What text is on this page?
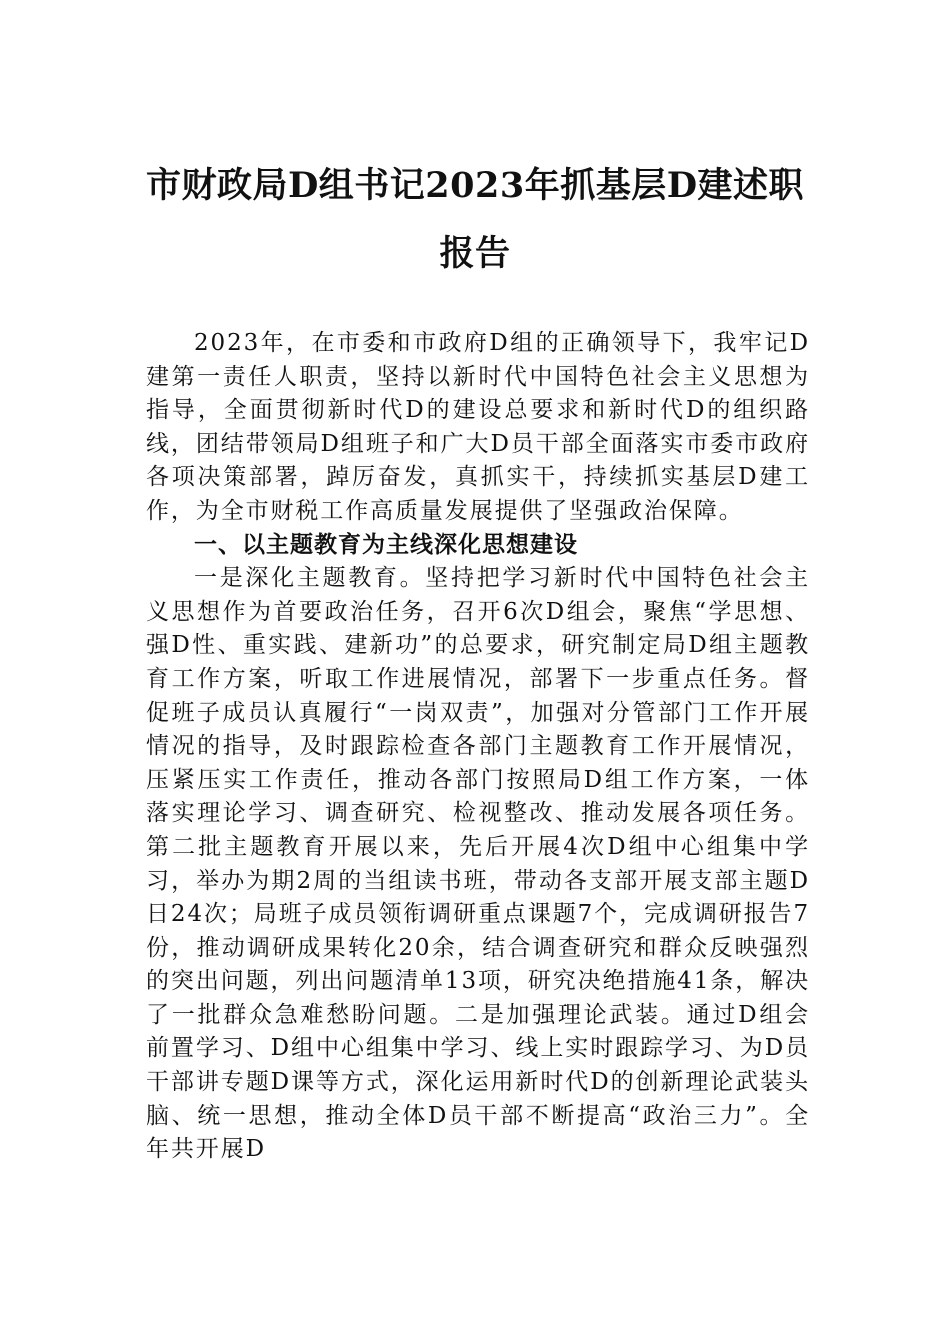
市财政局D组书记2023年抓基层D建述职
报告

2023年，在市委和市政府D组的正确领导下，我牢记D建第一责任人职责，坚持以新时代中国特色社会主义思想为指导，全面贯彻新时代D的建设总要求和新时代D的组织路线，团结带领局D组班子和广大D员干部全面落实市委市政府各项决策部署，踔厉奋发，真抓实干，持续抓实基层D建工作，为全市财税工作高质量发展提供了坚强政治保障。

一、以主题教育为主线深化思想建设

一是深化主题教育。坚持把学习新时代中国特色社会主义思想作为首要政治任务，召开6次D组会，聚焦“学思想、强D性、重实践、建新功”的总要求，研究制定局D组主题教育工作方案，听取工作进展情况，部署下一步重点任务。督促班子成员认真履行“一岗双责”，加强对分管部门工作开展情况的指导，及时跟踪检查各部门主题教育工作开展情况，压紧压实工作责任，推动各部门按照局D组工作方案，一体落实理论学习、调查研究、检视整改、推动发展各项任务。第二批主题教育开展以来，先后开展4次D组中心组集中学习，举办为期2周的当组读书班，带动各支部开展支部主题D日24次；局班子成员领衔调研重点课题7个，完成调研报告7份，推动调研成果转化20余，结合调查研究和群众反映强烈的突出问题，列出问题清单13项，研究决绝措施41条，解决了一批群众急难愁盼问题。二是加强理论武装。通过D组会前置学习、D组中心组集中学习、线上实时跟踪学习、为D员干部讲专题D课等方式，深化运用新时代D的创新理论武装头脑、统一思想，推动全体D员干部不断提高“政治三力”。全年共开展D
